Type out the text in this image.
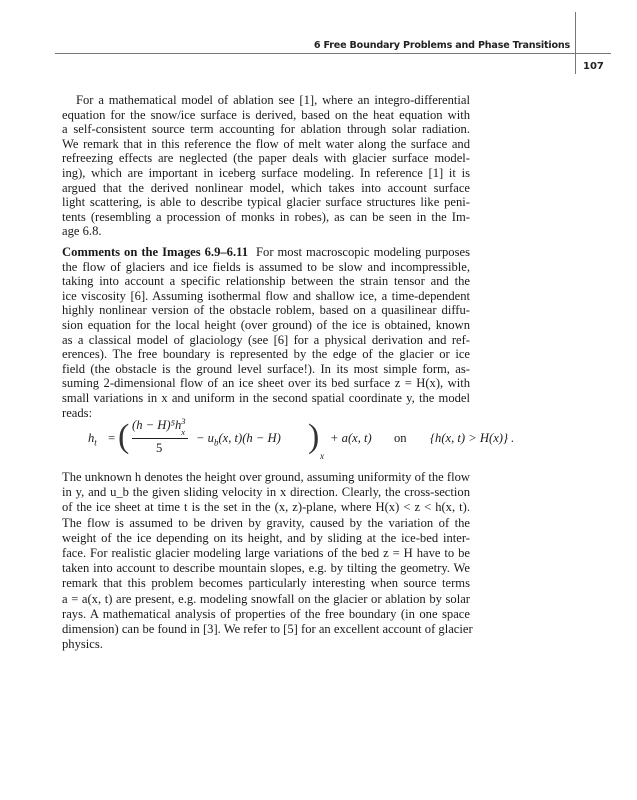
6 Free Boundary Problems and Phase Transitions
107
For a mathematical model of ablation see [1], where an integro-differential
equation for the snow/ice surface is derived, based on the heat equation with
a self-consistent source term accounting for ablation through solar radiation.
We remark that in this reference the flow of melt water along the surface and
refreezing effects are neglected (the paper deals with glacier surface model-
ing), which are important in iceberg surface modeling. In reference [1] it is
argued that the derived nonlinear model, which takes into account surface
light scattering, is able to describe typical glacier surface structures like peni-
tents (resembling a procession of monks in robes), as can be seen in the Im-
age 6.8.
Comments on the Images 6.9–6.11 For most macroscopic modeling purposes
the flow of glaciers and ice fields is assumed to be slow and incompressible,
taking into account a specific relationship between the strain tensor and the
ice viscosity [6]. Assuming isothermal flow and shallow ice, a time-dependent
highly nonlinear version of the obstacle roblem, based on a quasilinear diffu-
sion equation for the local height (over ground) of the ice is obtained, known
as a classical model of glaciology (see [6] for a physical derivation and ref-
erences). The free boundary is represented by the edge of the glacier or ice
field (the obstacle is the ground level surface!). In its most simple form, as-
suming 2-dimensional flow of an ice sheet over its bed surface z = H(x), with
small variations in x and uniform in the second spatial coordinate y, the model
reads:
$h_t$ = ( (h − H)⁵h 3
x
5
− $u_b(x$, t)(h − H) )
x
+ a(x, t) on {h(x, t) > H(x)} .
The unknown h denotes the height over ground, assuming uniformity of the flow
in y, and u_b the given sliding velocity in x direction. Clearly, the cross-section
of the ice sheet at time t is the set in the (x, z)-plane, where H(x) < z < h(x, t).
The flow is assumed to be driven by gravity, caused by the variation of the
weight of the ice depending on its height, and by sliding at the ice-bed inter-
face. For realistic glacier modeling large variations of the bed z = H have to be
taken into account to describe mountain slopes, e.g. by tilting the geometry. We
remark that this problem becomes particularly interesting when source terms
a = a(x, t) are present, e.g. modeling snowfall on the glacier or ablation by solar
rays. A mathematical analysis of properties of the free boundary (in one space
dimension) can be found in [3]. We refer to [5] for an excellent account of glacier
physics.
